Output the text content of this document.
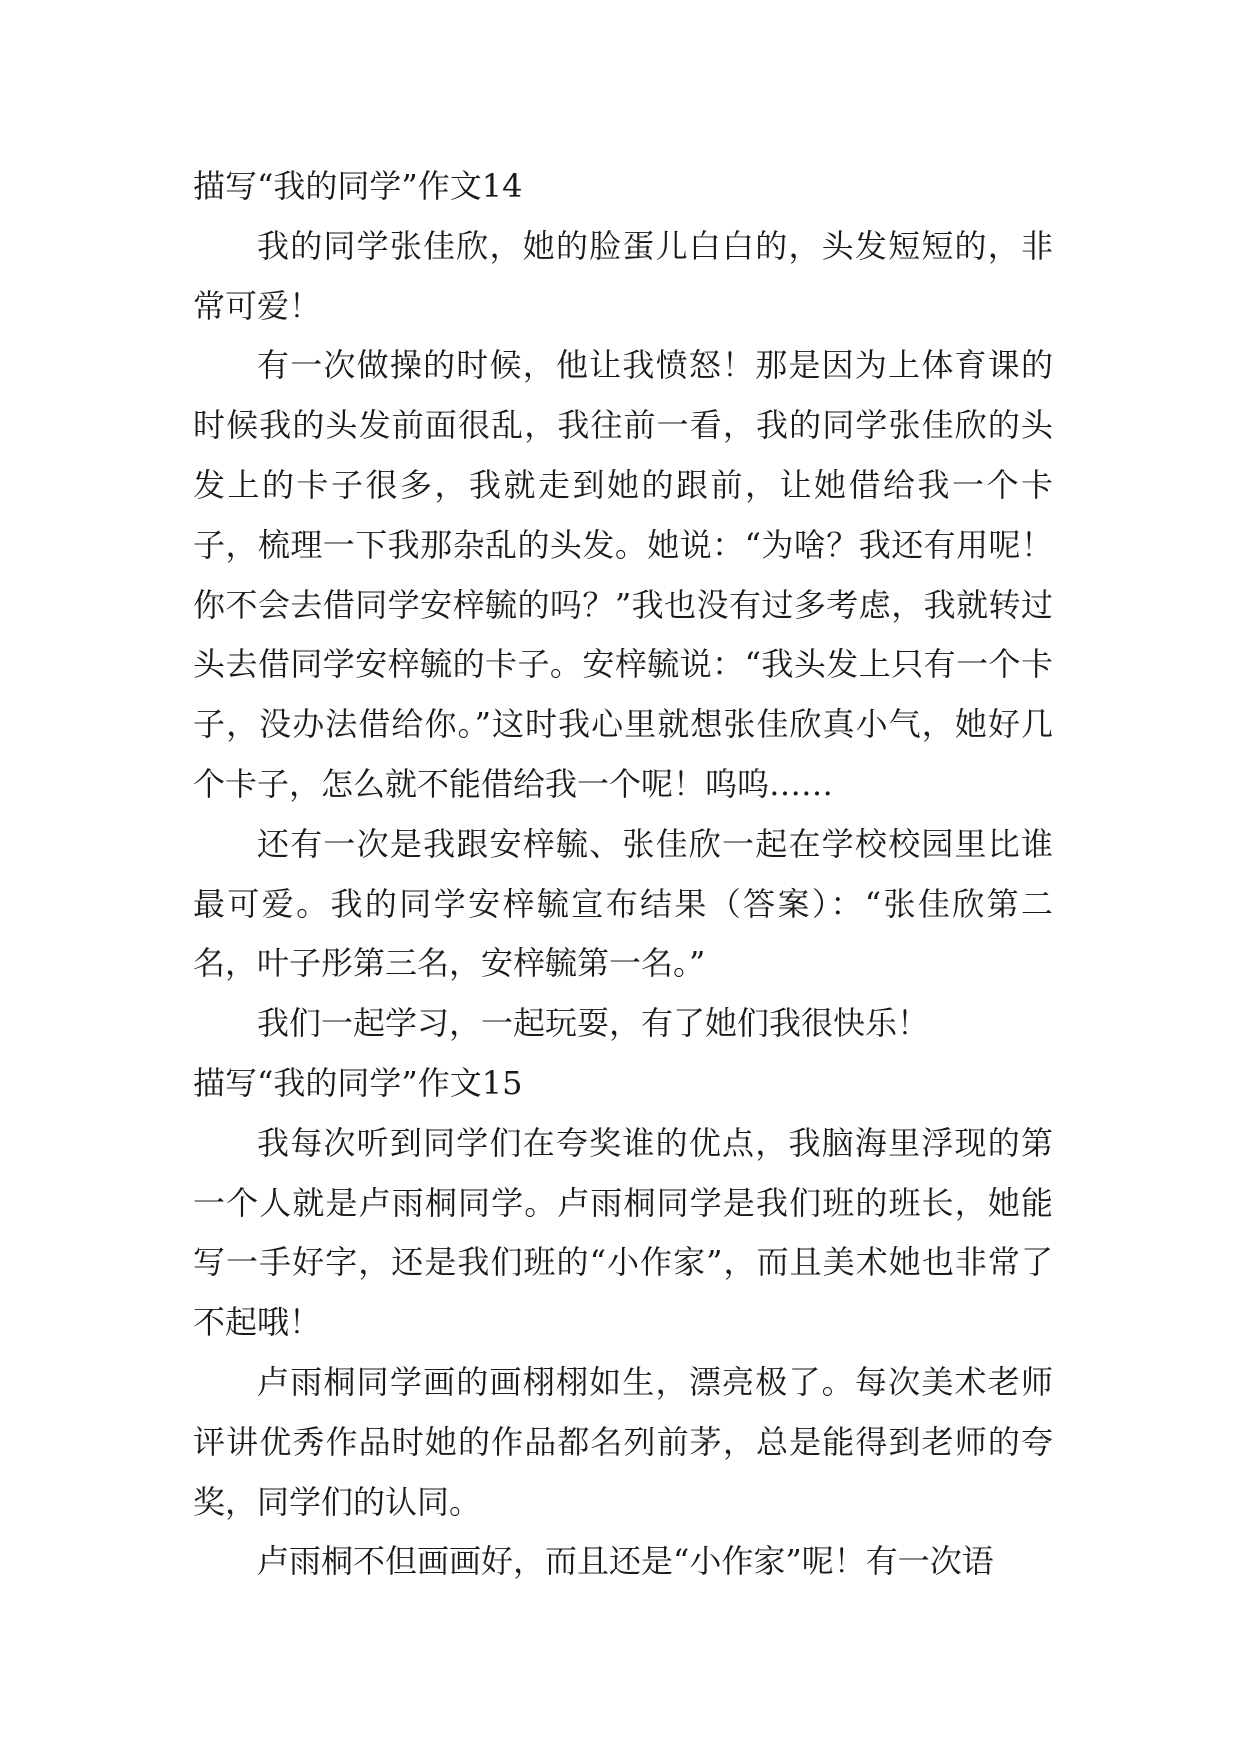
描写“我的同学”作文14
我的同学张佳欣，她的脸蛋儿白白的，头发短短的，非常可爱！
有一次做操的时候，他让我愤怒！那是因为上体育课的时候我的头发前面很乱，我往前一看，我的同学张佳欣的头发上的卡子很多，我就走到她的跟前，让她借给我一个卡子，梳理一下我那杂乱的头发。她说：“为啥？我还有用呢！你不会去借同学安梓毓的吗？”我也没有过多考虑，我就转过头去借同学安梓毓的卡子。安梓毓说：“我头发上只有一个卡子，没办法借给你。”这时我心里就想张佳欣真小气，她好几个卡子，怎么就不能借给我一个呢！呜呜……
还有一次是我跟安梓毓、张佳欣一起在学校校园里比谁最可爱。我的同学安梓毓宣布结果（答案）：“张佳欣第二名，叶子彤第三名，安梓毓第一名。”
我们一起学习，一起玩耍，有了她们我很快乐！
描写“我的同学”作文15
我每次听到同学们在夸奖谁的优点，我脑海里浮现的第一个人就是卢雨桐同学。卢雨桐同学是我们班的班长，她能写一手好字，还是我们班的“小作家”，而且美术她也非常了不起哦！
卢雨桐同学画的画栩栩如生，漂亮极了。每次美术老师评讲优秀作品时她的作品都名列前茅，总是能得到老师的夸奖，同学们的认同。
卢雨桐不但画画好，而且还是“小作家”呢！有一次语
